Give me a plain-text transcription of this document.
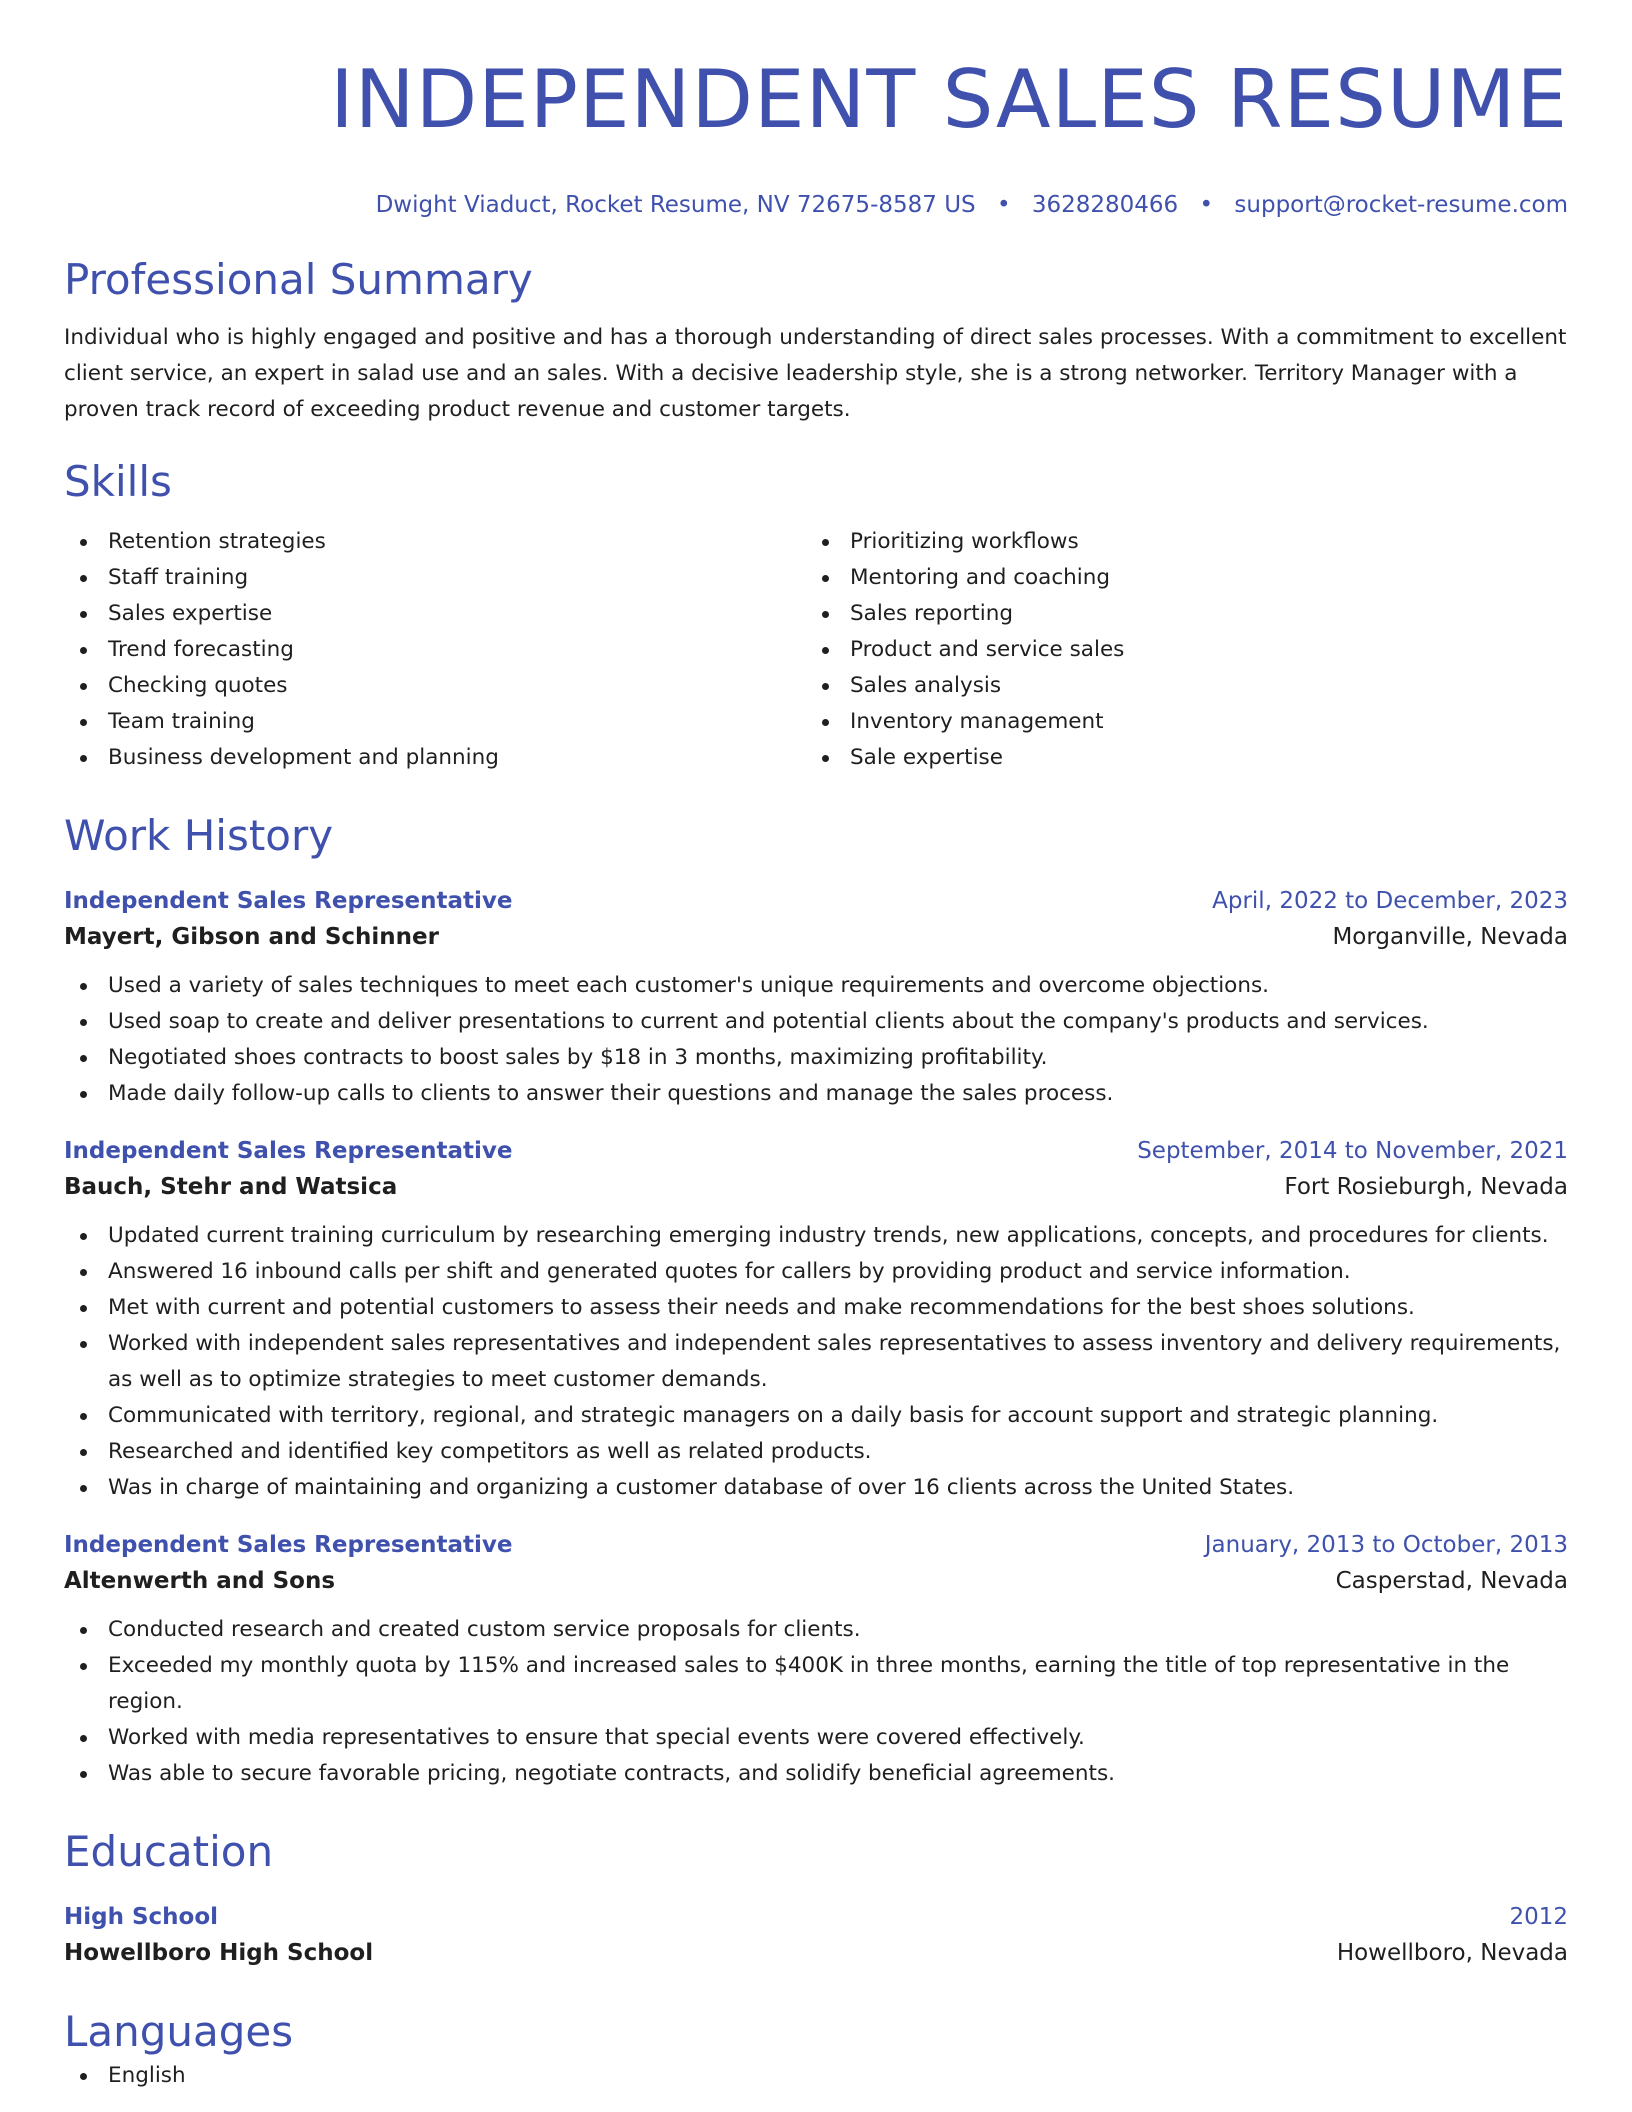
INDEPENDENT SALES RESUME
Dwight Viaduct, Rocket Resume, NV 72675-8587 US • 3628280466 • support@rocket-resume.com
Professional Summary

Individual who is highly engaged and positive and has a thorough understanding of direct sales processes. With a commitment to excellent client service, an expert in salad use and an sales. With a decisive leadership style, she is a strong networker. Territory Manager with a proven track record of exceeding product revenue and customer targets.

Skills
Retention strategies
Staff training
Sales expertise
Trend forecasting
Checking quotes
Team training
Business development and planning
Prioritizing workflows
Mentoring and coaching
Sales reporting
Product and service sales
Sales analysis
Inventory management
Sale expertise
Work History
Independent Sales Representative	April, 2022 to December, 2023
Mayert, Gibson and Schinner	Morganville, Nevada
Used a variety of sales techniques to meet each customer's unique requirements and overcome objections.
Used soap to create and deliver presentations to current and potential clients about the company's products and services.
Negotiated shoes contracts to boost sales by $18 in 3 months, maximizing profitability.
Made daily follow-up calls to clients to answer their questions and manage the sales process.
Independent Sales Representative	September, 2014 to November, 2021
Bauch, Stehr and Watsica	Fort Rosieburgh, Nevada
Updated current training curriculum by researching emerging industry trends, new applications, concepts, and procedures for clients.
Answered 16 inbound calls per shift and generated quotes for callers by providing product and service information.
Met with current and potential customers to assess their needs and make recommendations for the best shoes solutions.
Worked with independent sales representatives and independent sales representatives to assess inventory and delivery requirements, as well as to optimize strategies to meet customer demands.
Communicated with territory, regional, and strategic managers on a daily basis for account support and strategic planning.
Researched and identified key competitors as well as related products.
Was in charge of maintaining and organizing a customer database of over 16 clients across the United States.
Independent Sales Representative	January, 2013 to October, 2013
Altenwerth and Sons	Casperstad, Nevada
Conducted research and created custom service proposals for clients.
Exceeded my monthly quota by 115% and increased sales to $400K in three months, earning the title of top representative in the region.
Worked with media representatives to ensure that special events were covered effectively.
Was able to secure favorable pricing, negotiate contracts, and solidify beneficial agreements.
Education
High School	2012
Howellboro High School	Howellboro, Nevada
Languages
English
